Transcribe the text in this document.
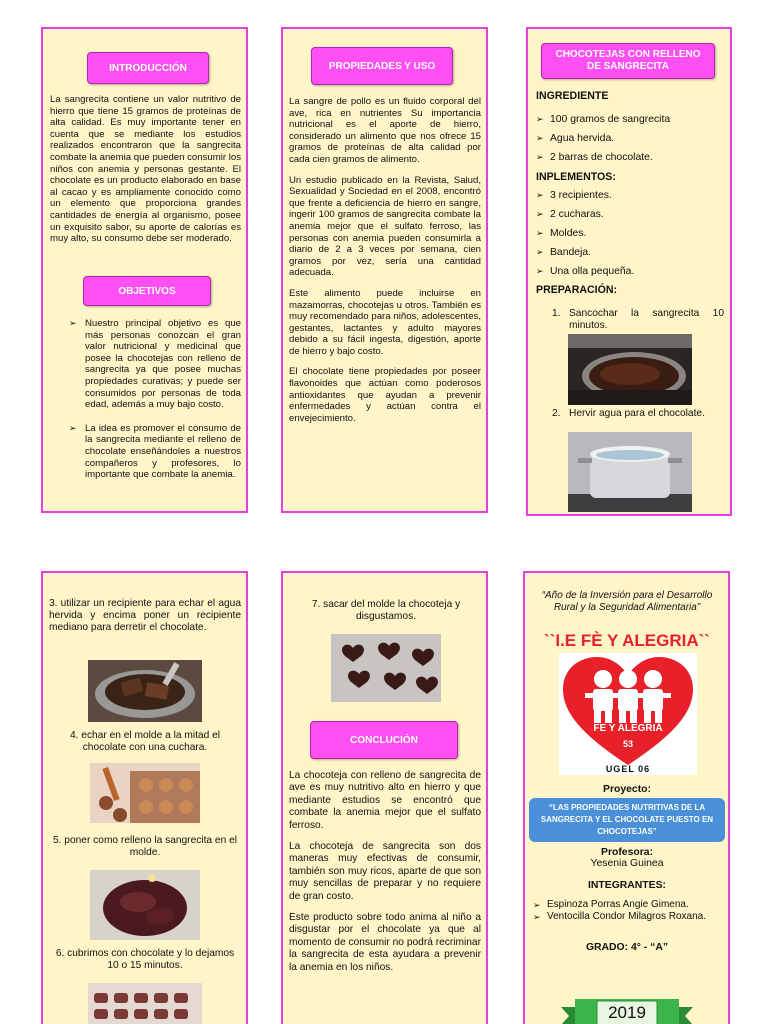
INTRODUCCIÓN
La sangrecita contiene un valor nutritivo de hierro que tiene 15 gramos de proteínas de alta calidad. Es muy importante tener en cuenta que se mediante los estudios realizados encontraron que la sangrecita combate la anemia que pueden consumir los niños con anemia y personas gestante. El chocolate es un producto elaborado en base al cacao y es ampliamente conocido como un elemento que proporciona grandes cantidades de energía al organismo, posee un exquisito sabor, su aporte de calorías es muy alto, su consumo debe ser moderado.
OBJETIVOS
➢ Nuestro principal objetivo es que más personas conozcan el gran valor nutricional y medicinal que posee la chocotejas con relleno de sangrecita ya que posee muchas propiedades curativas; y puede ser consumidos por personas de toda edad, además a muy bajo costo.
➢ La idea es promover el consumo de la sangrecita mediante el relleno de chocolate enseñándoles a nuestros compañeros y profesores, lo importante que combate la anemia.
PROPIEDADES Y USO

La sangre de pollo es un fluido corporal del ave, rica en nutrientes Su importancia nutricional es el aporte de hierro, considerado un alimento que nos ofrece 15 gramos de proteínas de alta calidad por cada cien gramos de alimento.

Un estudio publicado en la Revista, Salud, Sexualidad y Sociedad en el 2008, encontró que frente a deficiencia de hierro en sangre, ingerir 100 gramos de sangrecita combate la anemia mejor que el sulfato ferroso, las personas con anemia pueden consumirla a diario de 2 a 3 veces por semana, cien gramos por vez, sería una cantidad adecuada.

Este alimento puede incluirse en mazamorras, chocotejas u otros. También es muy recomendado para niños, adolescentes, gestantes, lactantes y adulto mayores debido a su fácil ingesta, digestión, aporte de hierro y bajo costo.

El chocolate tiene propiedades por poseer flavonoides que actúan como poderosos antioxidantes que ayudan a prevenir enfermedades y actúan contra el envejecimiento.

CHOCOTEJAS CON RELLENO DE SANGRECITA
INGREDIENTE
➢ 100 gramos de sangrecita
➢ Agua hervida.
➢ 2 barras de chocolate.
INPLEMENTOS:
➢ 3 recipientes.
➢ 2 cucharas.
➢ Moldes.
➢ Bandeja.
➢ Una olla pequeña.
PREPARACIÓN:
1. Sancochar la sangrecita 10 minutos.
2. Hervir agua para el chocolate.
3. utilizar un recipiente para echar el agua hervida y encima poner un recipiente mediano para derretir el chocolate.
4. echar en el molde a la mitad el chocolate con una cuchara.
5. poner como relleno la sangrecita en el molde.
6. cubrimos con chocolate y lo dejamos 10 o 15 minutos.
7. sacar del molde la chocoteja y disgustamos.
CONCLUCIÓN

La chocoteja con relleno de sangrecita de ave es muy nutritivo alto en hierro y que mediante estudios se encontró que combate la anemia mejor que el sulfato ferroso.

La chocoteja de sangrecita son dos maneras muy efectivas de consumir, también son muy ricos, aparte de que son muy sencillas de preparar y no requiere de gran costo.

Este producto sobre todo anima al niño a disgustar por el chocolate ya que al momento de consumir no podrá recriminar la sangrecita de esta ayudara a prevenir la anemia en los niños.

“Año de la Inversión para el Desarrollo Rural y la Seguridad Alimentaria”
``I.E FÈ Y ALEGRIA``
FE Y ALEGRIA
53
UGEL 06
Proyecto:
“LAS PROPIEDADES NUTRITIVAS DE LA SANGRECITA Y EL CHOCOLATE PUESTO EN CHOCOTEJAS”
Profesora:
Yesenia Guinea
INTEGRANTES:
➢ Espinoza Porras Angie Gimena.
➢ Ventocilla Condor Milagros Roxana.
GRADO: 4° - “A”
2019
